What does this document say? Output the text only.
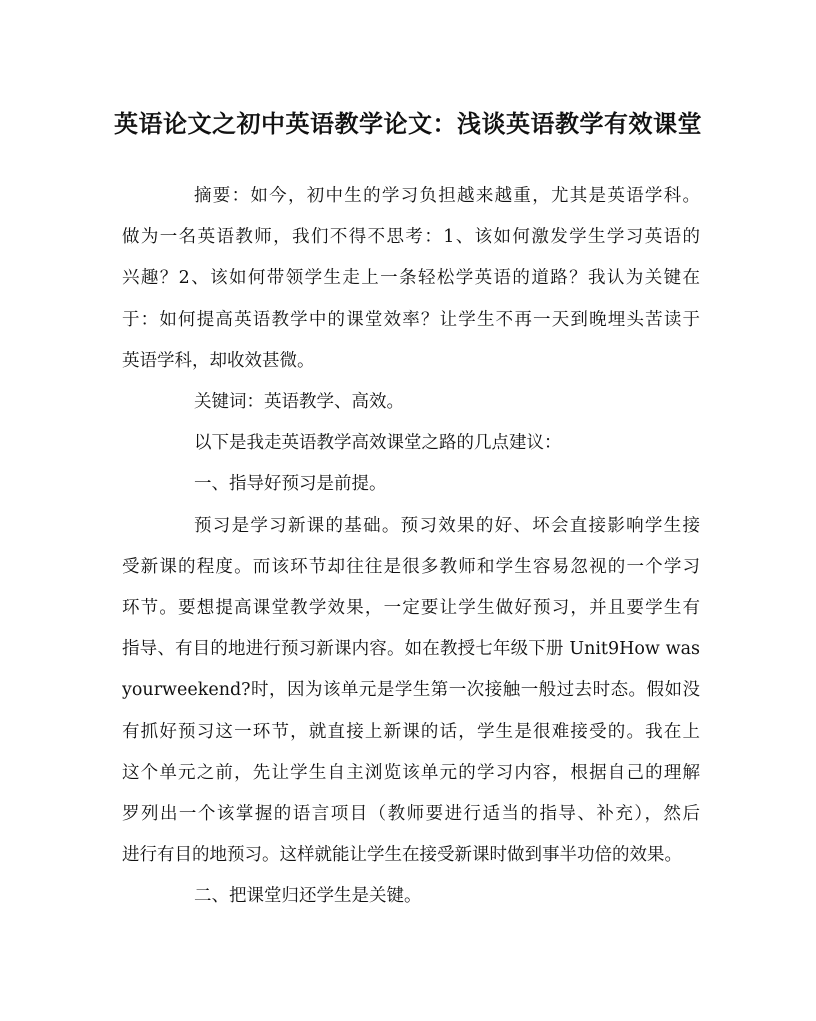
英语论文之初中英语教学论文：浅谈英语教学有效课堂
摘要：如今，初中生的学习负担越来越重，尤其是英语学科。
做为一名英语教师，我们不得不思考：1、该如何激发学生学习英语的
兴趣？2、该如何带领学生走上一条轻松学英语的道路？我认为关键在
于：如何提高英语教学中的课堂效率？让学生不再一天到晚埋头苦读于
英语学科，却收效甚微。
关键词：英语教学、高效。
以下是我走英语教学高效课堂之路的几点建议：
一、指导好预习是前提。
预习是学习新课的基础。预习效果的好、坏会直接影响学生接
受新课的程度。而该环节却往往是很多教师和学生容易忽视的一个学习
环节。要想提高课堂教学效果，一定要让学生做好预习，并且要学生有
指导、有目的地进行预习新课内容。如在教授七年级下册 Unit9How was
yourweekend?时，因为该单元是学生第一次接触一般过去时态。假如没
有抓好预习这一环节，就直接上新课的话，学生是很难接受的。我在上
这个单元之前，先让学生自主浏览该单元的学习内容，根据自己的理解
罗列出一个该掌握的语言项目（教师要进行适当的指导、补充），然后
进行有目的地预习。这样就能让学生在接受新课时做到事半功倍的效果。
二、把课堂归还学生是关键。
